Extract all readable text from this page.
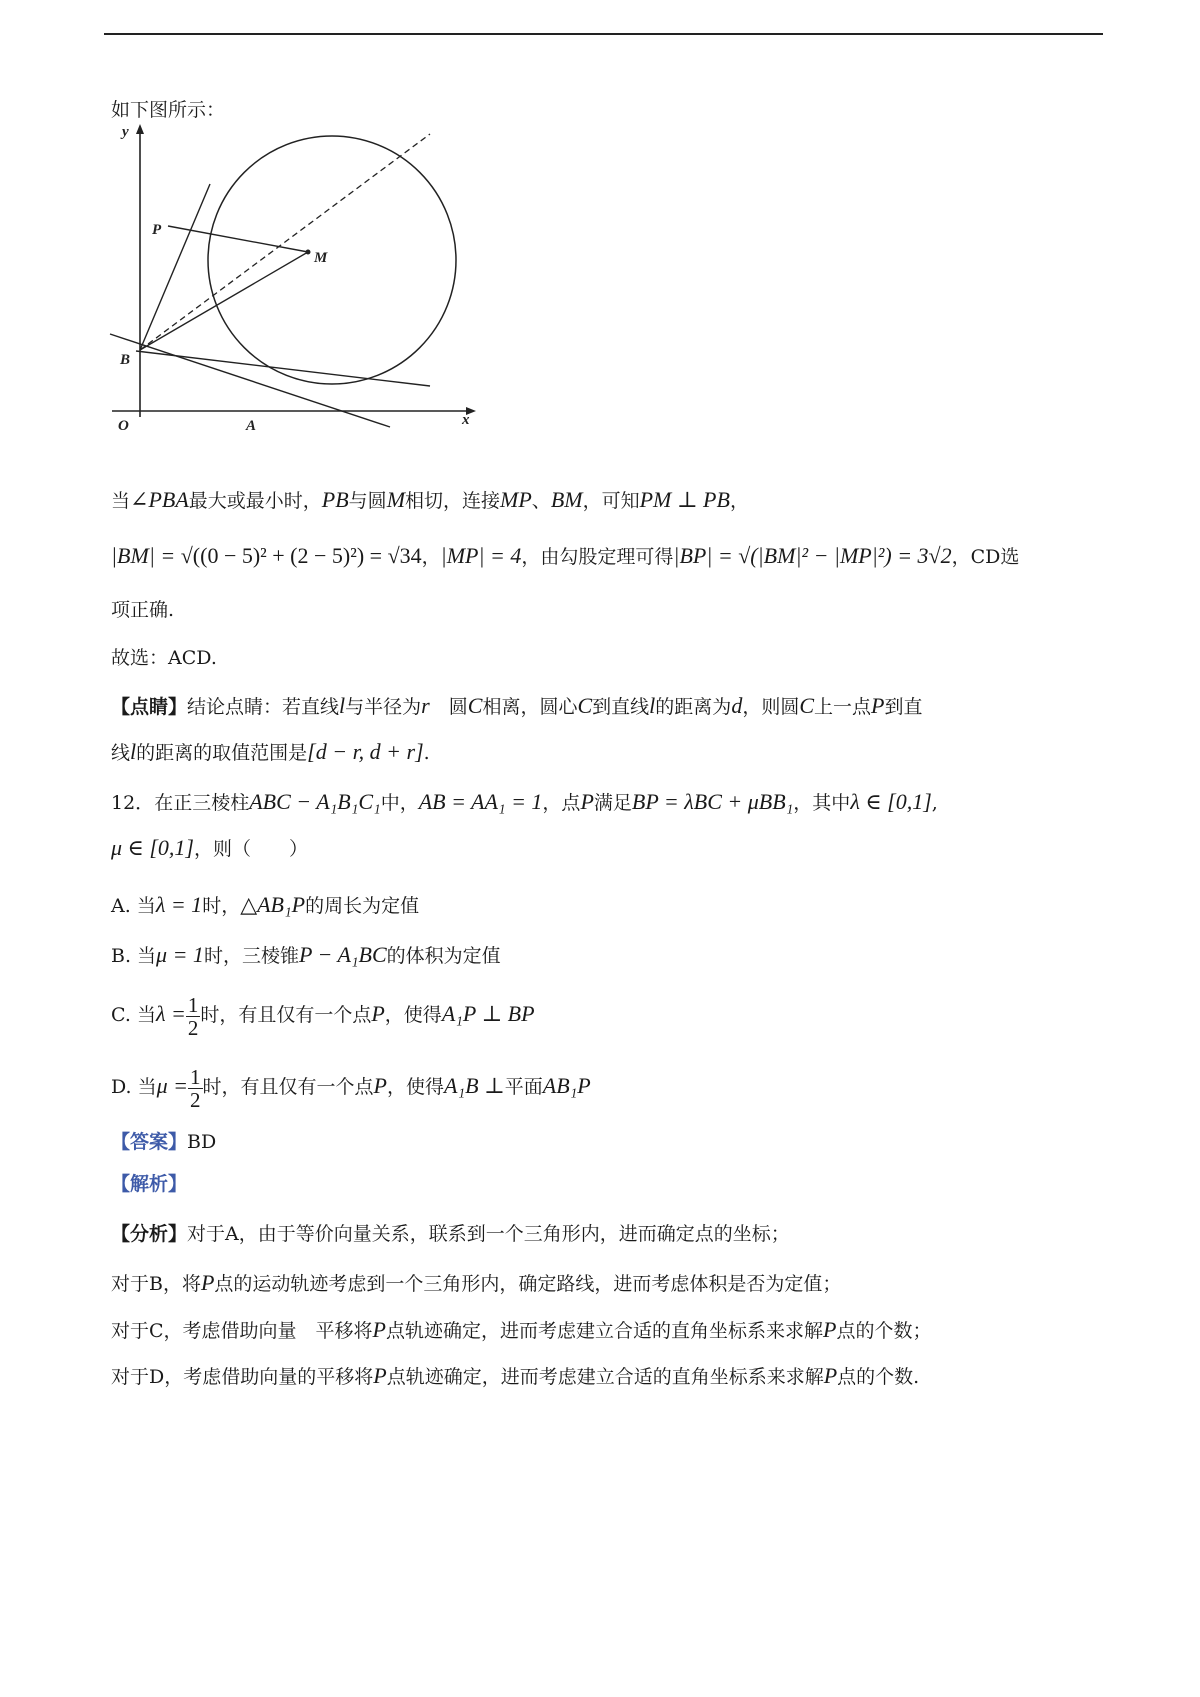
如下图所示：
y
x
O	A
B
P
M
当∠PBA最大或最小时，PB与圆M相切，连接MP、BM，可知PM ⊥ PB，
|BM| = √((0 − 5)² + (2 − 5)²) = √34，|MP| = 4，由勾股定理可得|BP| = √(|BM|² − |MP|²) = 3√2，CD选
项正确.
故选：ACD.
【点睛】结论点睛：若直线l与半径为r　 圆C相离，圆心C到直线l的距离为d，则圆C上一点P到直
线l的距离的取值范围是[d − r, d + r].
12．在正三棱柱ABC − A₁B₁C₁中，AB = AA₁ = 1，点P满足BP = λBC + μBB₁，其中λ ∈ [0,1],
μ ∈ [0,1]，则（　　）
A. 当λ = 1时，△AB₁P的周长为定值
B. 当μ = 1时，三棱锥P − A₁BC的体积为定值
C. 当$\lambda = \frac{1}{2}$ 时，有且仅有一个点P，使得A₁P ⊥ BP
D. 当$\mu = \frac{1}{2}$ 时，有且仅有一个点P，使得A₁B ⊥平面AB₁P
【答案】BD
【解析】
【分析】对于A，由于等价向量关系，联系到一个三角形内，进而确定点的坐标；
对于B，将P点的运动轨迹考虑到一个三角形内，确定路线，进而考虑体积是否为定值；
对于C，考虑借助向量　平移将P点轨迹确定，进而考虑建立合适的直角坐标系来求解P点的个数；
对于D，考虑借助向量的平移将P点轨迹确定，进而考虑建立合适的直角坐标系来求解P点的个数.
